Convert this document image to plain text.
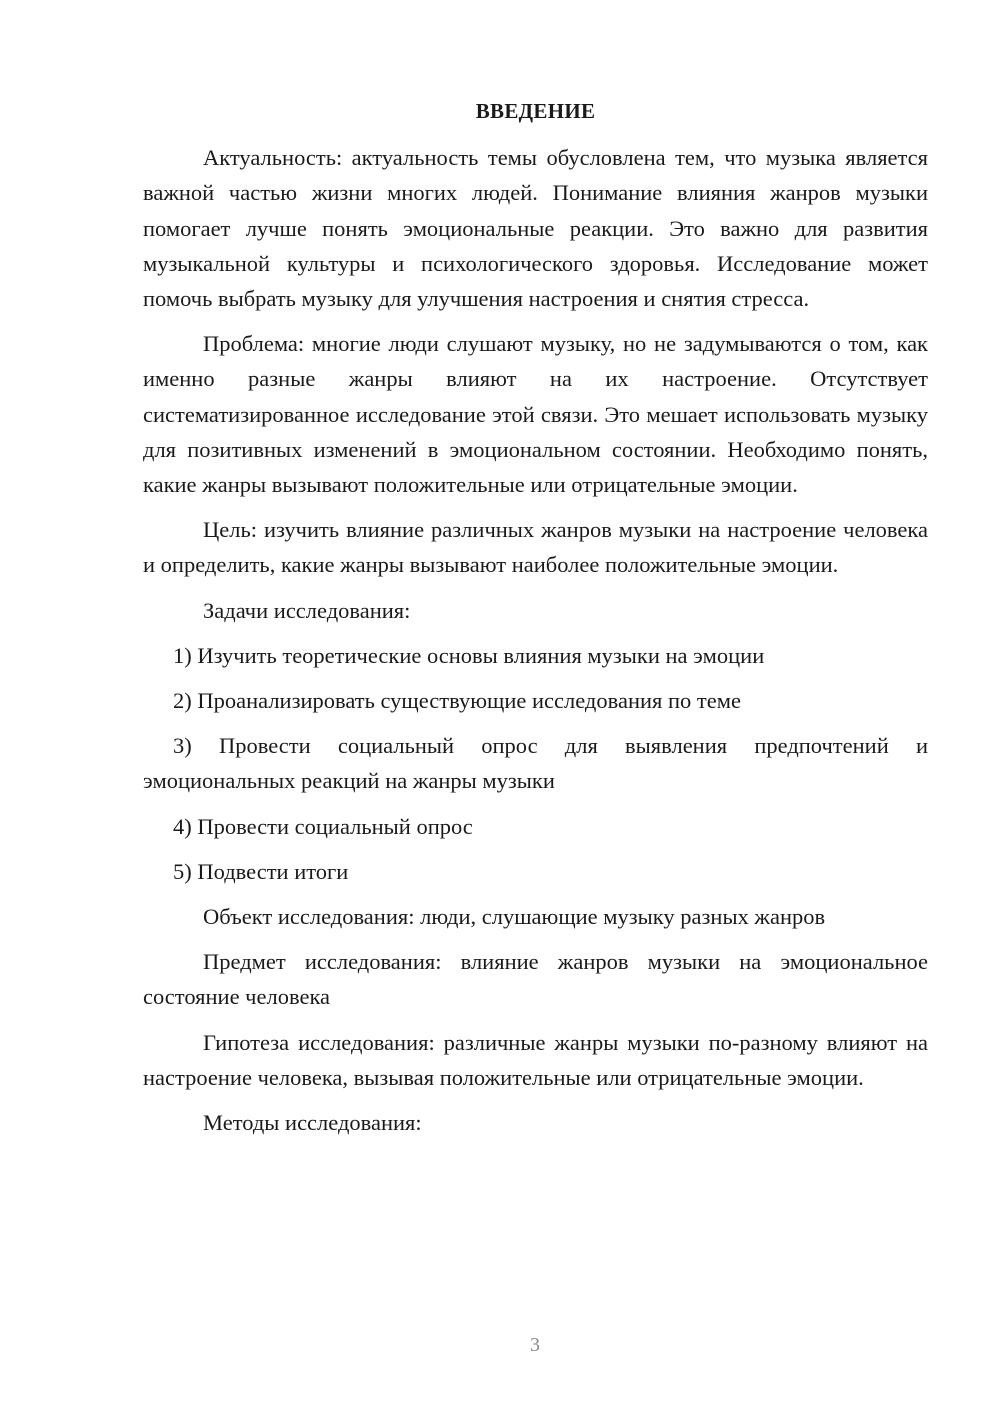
ВВЕДЕНИЕ

Актуальность: актуальность темы обусловлена тем, что музыка является важной частью жизни многих людей. Понимание влияния жанров музыки помогает лучше понять эмоциональные реакции. Это важно для развития музыкальной культуры и психологического здоровья. Исследование может помочь выбрать музыку для улучшения настроения и снятия стресса.

Проблема: многие люди слушают музыку, но не задумываются о том, как именно разные жанры влияют на их настроение. Отсутствует систематизированное исследование этой связи. Это мешает использовать музыку для позитивных изменений в эмоциональном состоянии. Необходимо понять, какие жанры вызывают положительные или отрицательные эмоции.

Цель: изучить влияние различных жанров музыки на настроение человека и определить, какие жанры вызывают наиболее положительные эмоции.

Задачи исследования:

1) Изучить теоретические основы влияния музыки на эмоции

2) Проанализировать существующие исследования по теме

3) Провести социальный опрос для выявления предпочтений и эмоциональных реакций на жанры музыки

4) Провести социальный опрос

5) Подвести итоги

Объект исследования: люди, слушающие музыку разных жанров

Предмет исследования: влияние жанров музыки на эмоциональное состояние человека

Гипотеза исследования: различные жанры музыки по-разному влияют на настроение человека, вызывая положительные или отрицательные эмоции.

Методы исследования:

3
